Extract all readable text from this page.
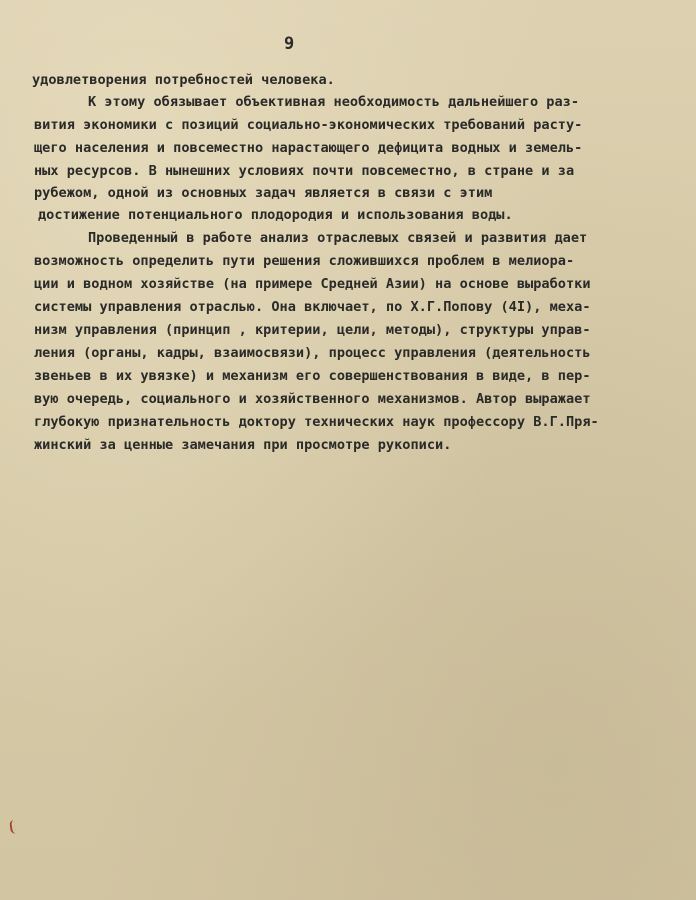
9
удовлетворения потребностей человека.
К этому обязывает объективная необходимость дальнейшего раз-
вития экономики с позиций социально-экономических требований расту-
щего населения и повсеместно нарастающего дефицита водных и земель-
ных ресурсов. В нынешних условиях почти повсеместно, в стране и за
рубежом, одной из основных задач является в связи с этим
достижение потенциального плодородия и использования воды.
Проведенный в работе анализ отраслевых связей и развития дает
возможность определить пути решения сложившихся проблем в мелиора-
ции и водном хозяйстве (на примере Средней Азии) на основе выработки
системы управления отраслью. Она включает, по Х.Г.Попову (4I), меха-
низм управления (принцип , критерии, цели, методы), структуры управ-
ления (органы, кадры, взаимосвязи), процесс управления (деятельность
звеньев в их увязке) и механизм его совершенствования в виде, в пер-
вую очередь, социального и хозяйственного механизмов. Автор выражает
глубокую признательность доктору технических наук профессору В.Г.Пря-
жинский за ценные замечания при просмотре рукописи.
